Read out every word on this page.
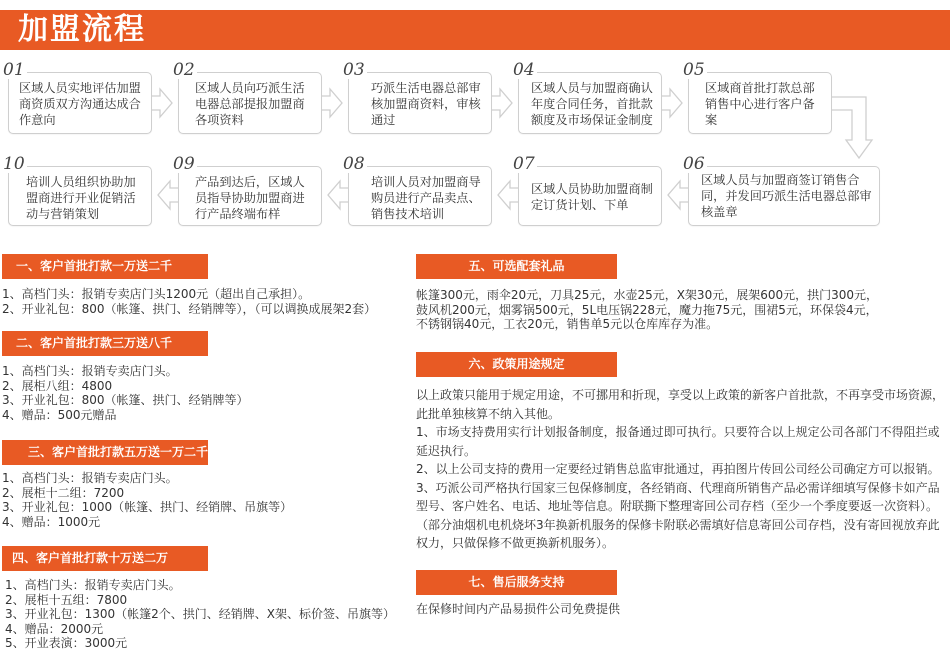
加盟流程
01
区域人员实地评估加盟商资质双方沟通达成合作意向
02
区域人员向巧派生活电器总部提报加盟商各项资料
03
巧派生活电器总部审核加盟商资料，审核通过
04
区域人员与加盟商确认年度合同任务，首批款额度及市场保证金制度
05
区域商首批打款总部销售中心进行客户备案
10
培训人员组织协助加盟商进行开业促销活动与营销策划
09
产品到达后，区域人员指导协助加盟商进行产品终端布样
08
培训人员对加盟商导购员进行产品卖点、销售技术培训
07
区域人员协助加盟商制定订货计划、下单
06
区域人员与加盟商签订销售合同，并发回巧派生活电器总部审核盖章
一、客户首批打款一万送二千

1、高档门头：报销专卖店门头1200元（超出自己承担）。

2、开业礼包：800（帐篷、拱门、经销牌等），（可以调换成展架2套）

二、客户首批打款三万送八千

1、高档门头：报销专卖店门头。

2、展柜八组：4800

3、开业礼包：800（帐篷、拱门、经销牌等）

4、赠品：500元赠品

三、客户首批打款五万送一万二千

1、高档门头：报销专卖店门头。

2、展柜十二组：7200

3、开业礼包：1000（帐篷、拱门、经销牌、吊旗等）

4、赠品：1000元

四、客户首批打款十万送二万

1、高档门头：报销专卖店门头。

2、展柜十五组：7800

3、开业礼包：1300（帐篷2个、拱门、经销牌、X架、标价签、吊旗等）

4、赠品：2000元

5、开业表演：3000元

五、可选配套礼品

帐篷300元，雨伞20元，刀具25元，水壶25元，X架30元，展架600元，拱门300元，

鼓风机200元，烟雾锅500元，5L电压锅228元，魔力拖75元，围裙5元，环保袋4元，

不锈钢锅40元，工衣20元，销售单5元以仓库库存为准。

六、政策用途规定

以上政策只能用于规定用途，不可挪用和折现，享受以上政策的新客户首批款，不再享受市场资源，此批单独核算不纳入其他。

1、市场支持费用实行计划报备制度，报备通过即可执行。只要符合以上规定公司各部门不得阻拦或延迟执行。

2、以上公司支持的费用一定要经过销售总监审批通过，再拍图片传回公司经公司确定方可以报销。

3、巧派公司严格执行国家三包保修制度，各经销商、代理商所销售产品必需详细填写保修卡如产品型号、客户姓名、电话、地址等信息。附联撕下整理寄回公司存档（至少一个季度要返一次资料）。（部分油烟机电机烧坏3年换新机服务的保修卡附联必需填好信息寄回公司存档，没有寄回视放弃此权力，只做保修不做更换新机服务）。

七、售后服务支持

在保修时间内产品易损件公司免费提供
